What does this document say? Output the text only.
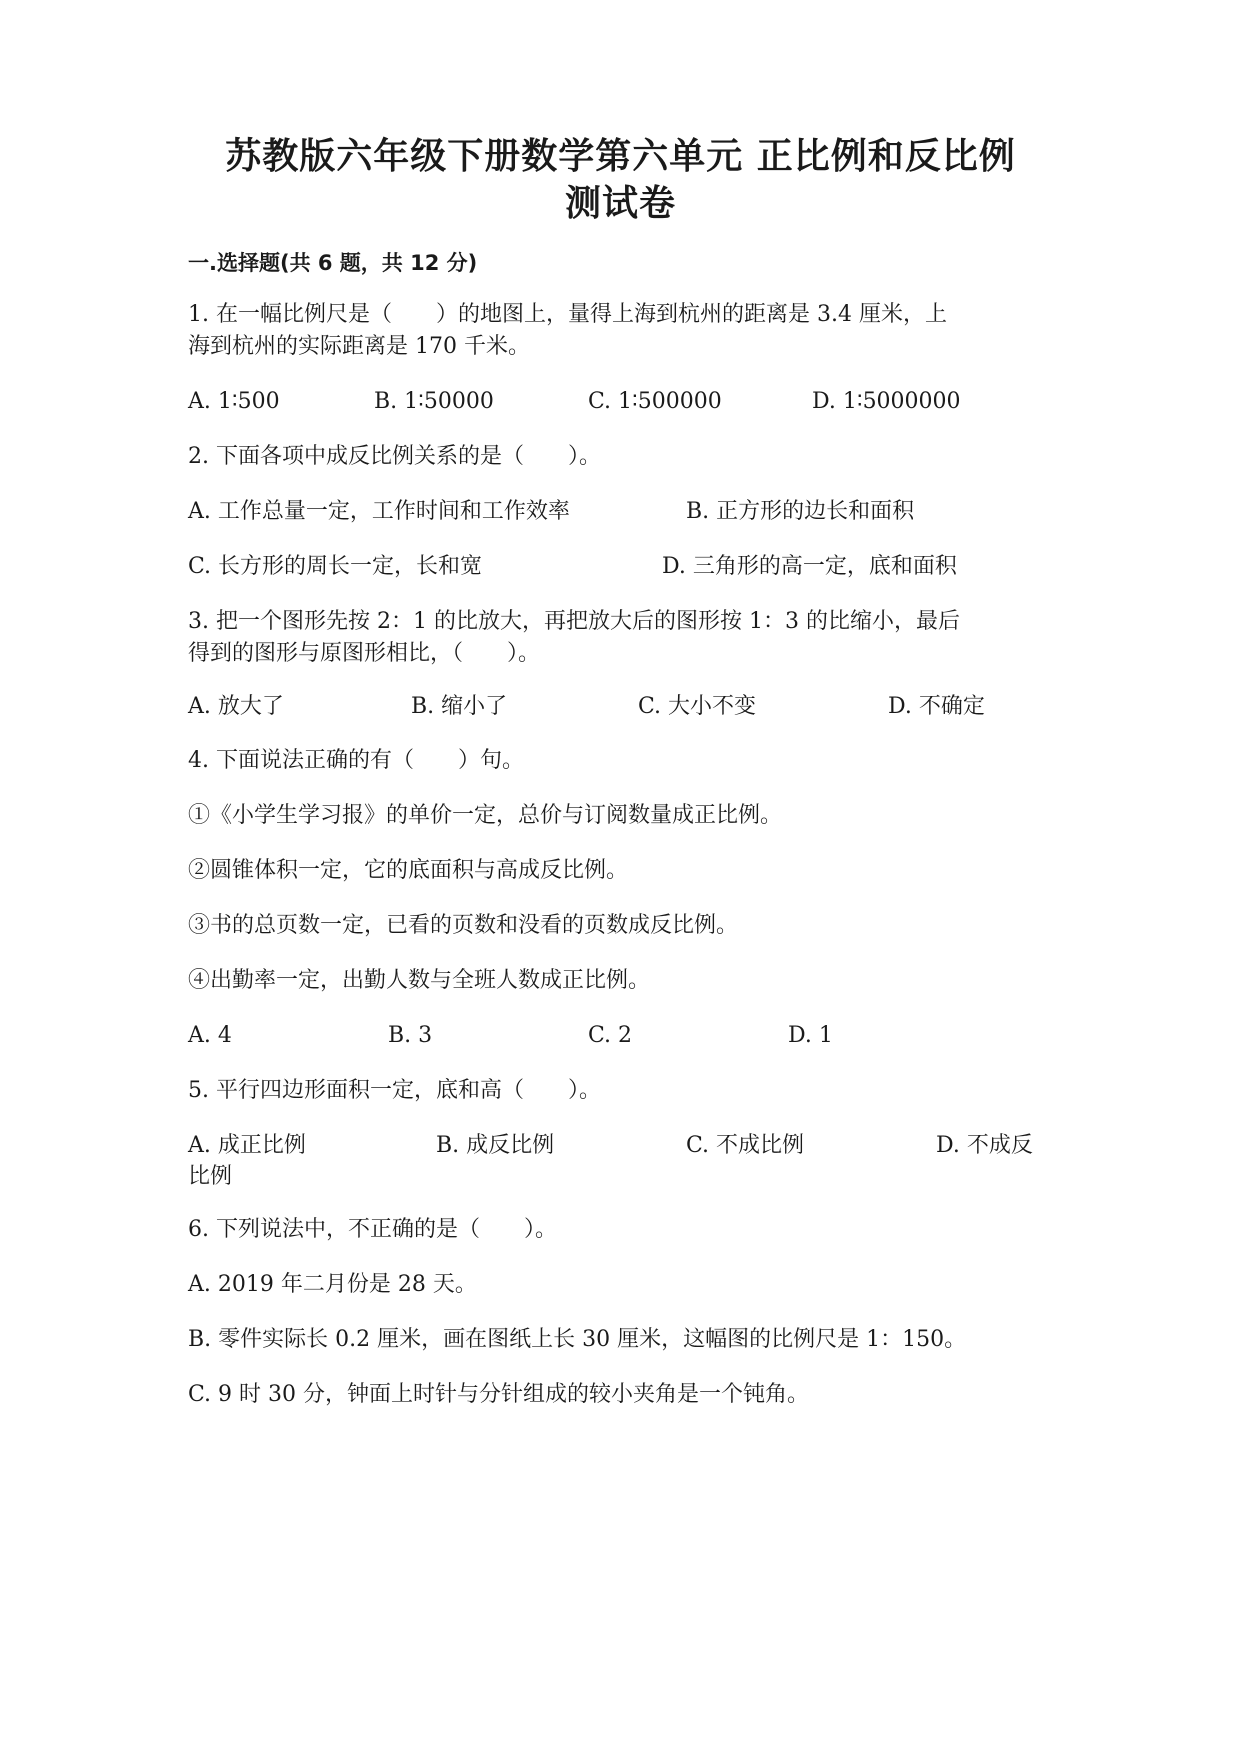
苏教版六年级下册数学第六单元 正比例和反比例
测试卷
一.选择题(共 6 题，共 12 分)
1. 在一幅比例尺是（　　）的地图上，量得上海到杭州的距离是 3.4 厘米，上
海到杭州的实际距离是 170 千米。
A. 1∶500	B. 1∶50000	C. 1∶500000	D. 1∶5000000
2. 下面各项中成反比例关系的是（　　）。
A. 工作总量一定，工作时间和工作效率	B. 正方形的边长和面积
C. 长方形的周长一定，长和宽	D. 三角形的高一定，底和面积
3. 把一个图形先按 2：1 的比放大，再把放大后的图形按 1：3 的比缩小，最后
得到的图形与原图形相比，（　　）。
A. 放大了	B. 缩小了	C. 大小不变	D. 不确定
4. 下面说法正确的有（　　）句。
①《小学生学习报》的单价一定，总价与订阅数量成正比例。
②圆锥体积一定，它的底面积与高成反比例。
③书的总页数一定，已看的页数和没看的页数成反比例。
④出勤率一定，出勤人数与全班人数成正比例。
A. 4	B. 3	C. 2	D. 1
5. 平行四边形面积一定，底和高（　　）。
A. 成正比例	B. 成反比例	C. 不成比例	D. 不成反
比例
6. 下列说法中，不正确的是（　　）。
A. 2019 年二月份是 28 天。
B. 零件实际长 0.2 厘米，画在图纸上长 30 厘米，这幅图的比例尺是 1：150。
C. 9 时 30 分，钟面上时针与分针组成的较小夹角是一个钝角。
